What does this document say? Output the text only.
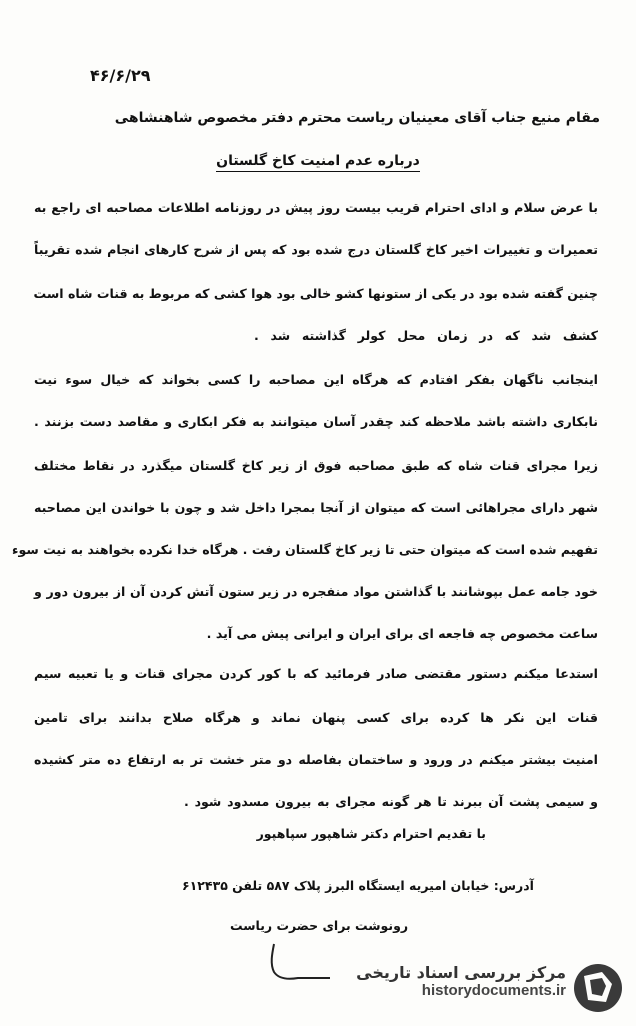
۴۶/۶/۲۹
مقام منیع جناب آقای معینیان ریاست محترم دفتر مخصوص شاهنشاهی
درباره عدم امنیت کاخ گلستان
با عرض سلام و ادای احترام قریب بیست روز پیش در روزنامه اطلاعات مصاحبه ای راجع به
تعمیرات و تغییرات اخیر کاخ گلستان درج شده بود که پس از شرح کارهای انجام شده تقریباً
چنین گفته شده بود در یکی از ستونها کشو خالی بود هوا کشی که مربوط به قنات شاه است
کشف شد که در زمان محل کولر گذاشته شد .
اینجانب ناگهان بفکر افتادم که هرگاه این مصاحبه را کسی بخواند که خیال سوء نیت
نابکاری داشته باشد ملاحظه کند چقدر آسان میتوانند به فکر ابکاری و مقاصد دست بزنند .
زیرا مجرای قنات شاه که طبق مصاحبه فوق از زیر کاخ گلستان میگذرد در نقاط مختلف
شهر دارای مجراهائی است که میتوان از آنجا بمجرا داخل شد و چون با خواندن این مصاحبه
تفهیم شده است که میتوان حتی تا زیر کاخ گلستان رفت . هرگاه خدا نکرده بخواهند به نیت سوء
خود جامه عمل بپوشانند با گذاشتن مواد منفجره در زیر ستون آتش کردن آن از بیرون دور و
ساعت مخصوص چه فاجعه ای برای ایران و ایرانی پیش می آید .
استدعا میکنم دستور مقتضی صادر فرمائید که با کور کردن مجرای قنات و یا تعبیه سیم
قنات این نکر ها کرده برای کسی پنهان نماند و هرگاه صلاح بدانند برای تامین
امنیت بیشتر میکنم در ورود و ساختمان بفاصله دو متر خشت تر به ارتفاع ده متر کشیده
و سیمی پشت آن ببرند تا هر گونه مجرای به بیرون مسدود شود .
با تقدیم احترام دکتر شاهپور سپاهپور
آدرس: خیابان امیریه ایستگاه البرز پلاک ۵۸۷ تلفن ۶۱۲۴۳۵
رونوشت برای حضرت ریاست
مرکز بررسی اسناد تاریخی
historydocuments.ir
